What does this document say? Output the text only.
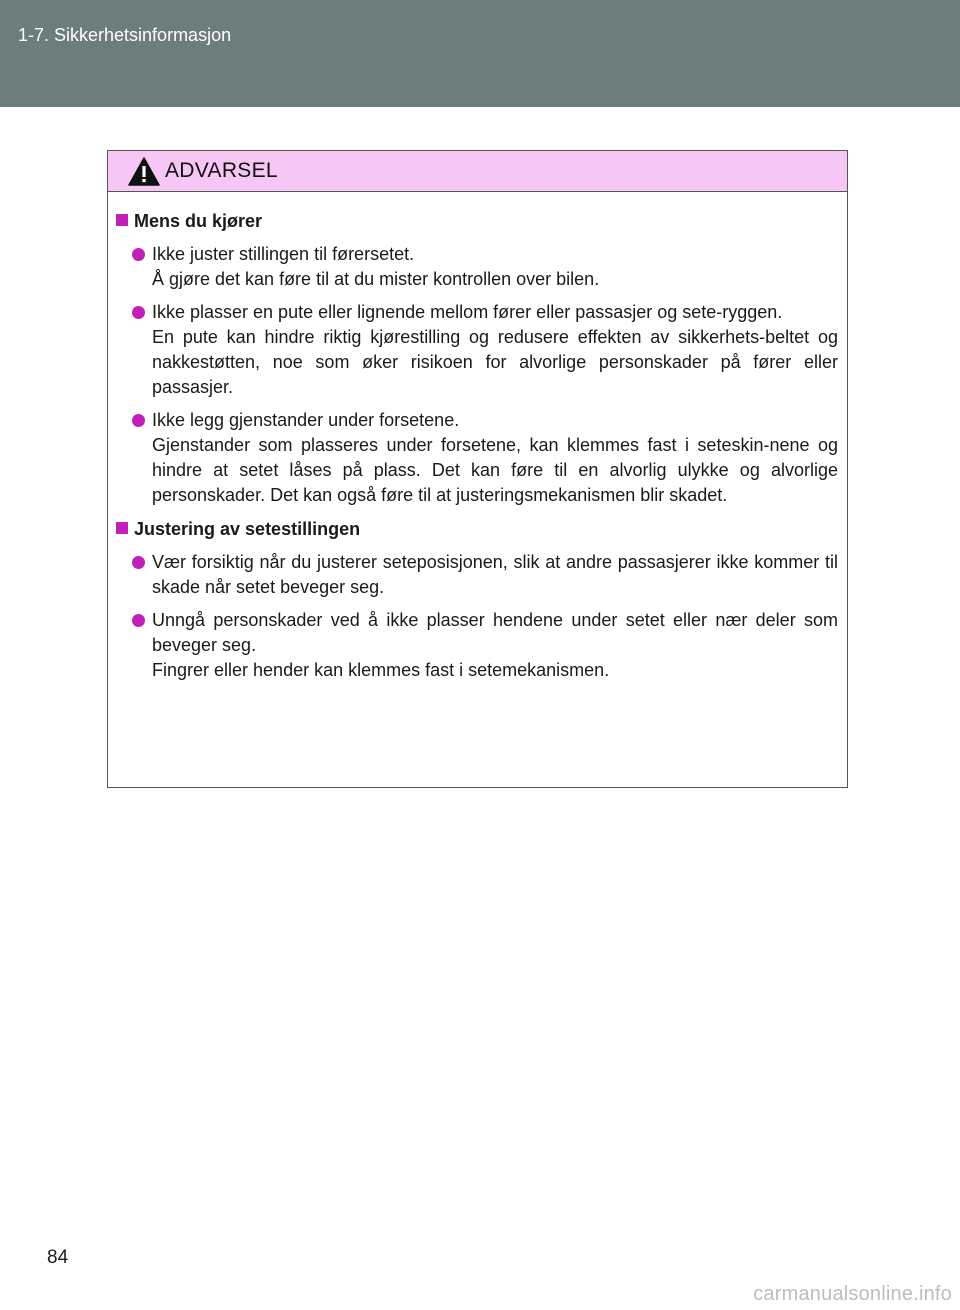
1-7. Sikkerhetsinformasjon
ADVARSEL
Mens du kjører
Ikke juster stillingen til førersetet.
Å gjøre det kan føre til at du mister kontrollen over bilen.
Ikke plasser en pute eller lignende mellom fører eller passasjer og sete-ryggen.
En pute kan hindre riktig kjørestilling og redusere effekten av sikkerhets-beltet og nakkestøtten, noe som øker risikoen for alvorlige personskader på fører eller passasjer.
Ikke legg gjenstander under forsetene.
Gjenstander som plasseres under forsetene, kan klemmes fast i seteskin-nene og hindre at setet låses på plass. Det kan føre til en alvorlig ulykke og alvorlige personskader. Det kan også føre til at justeringsmekanismen blir skadet.
Justering av setestillingen
Vær forsiktig når du justerer seteposisjonen, slik at andre passasjerer ikke kommer til skade når setet beveger seg.
Unngå personskader ved å ikke plasser hendene under setet eller nær deler som beveger seg.
Fingrer eller hender kan klemmes fast i setemekanismen.
84
carmanualsonline.info
